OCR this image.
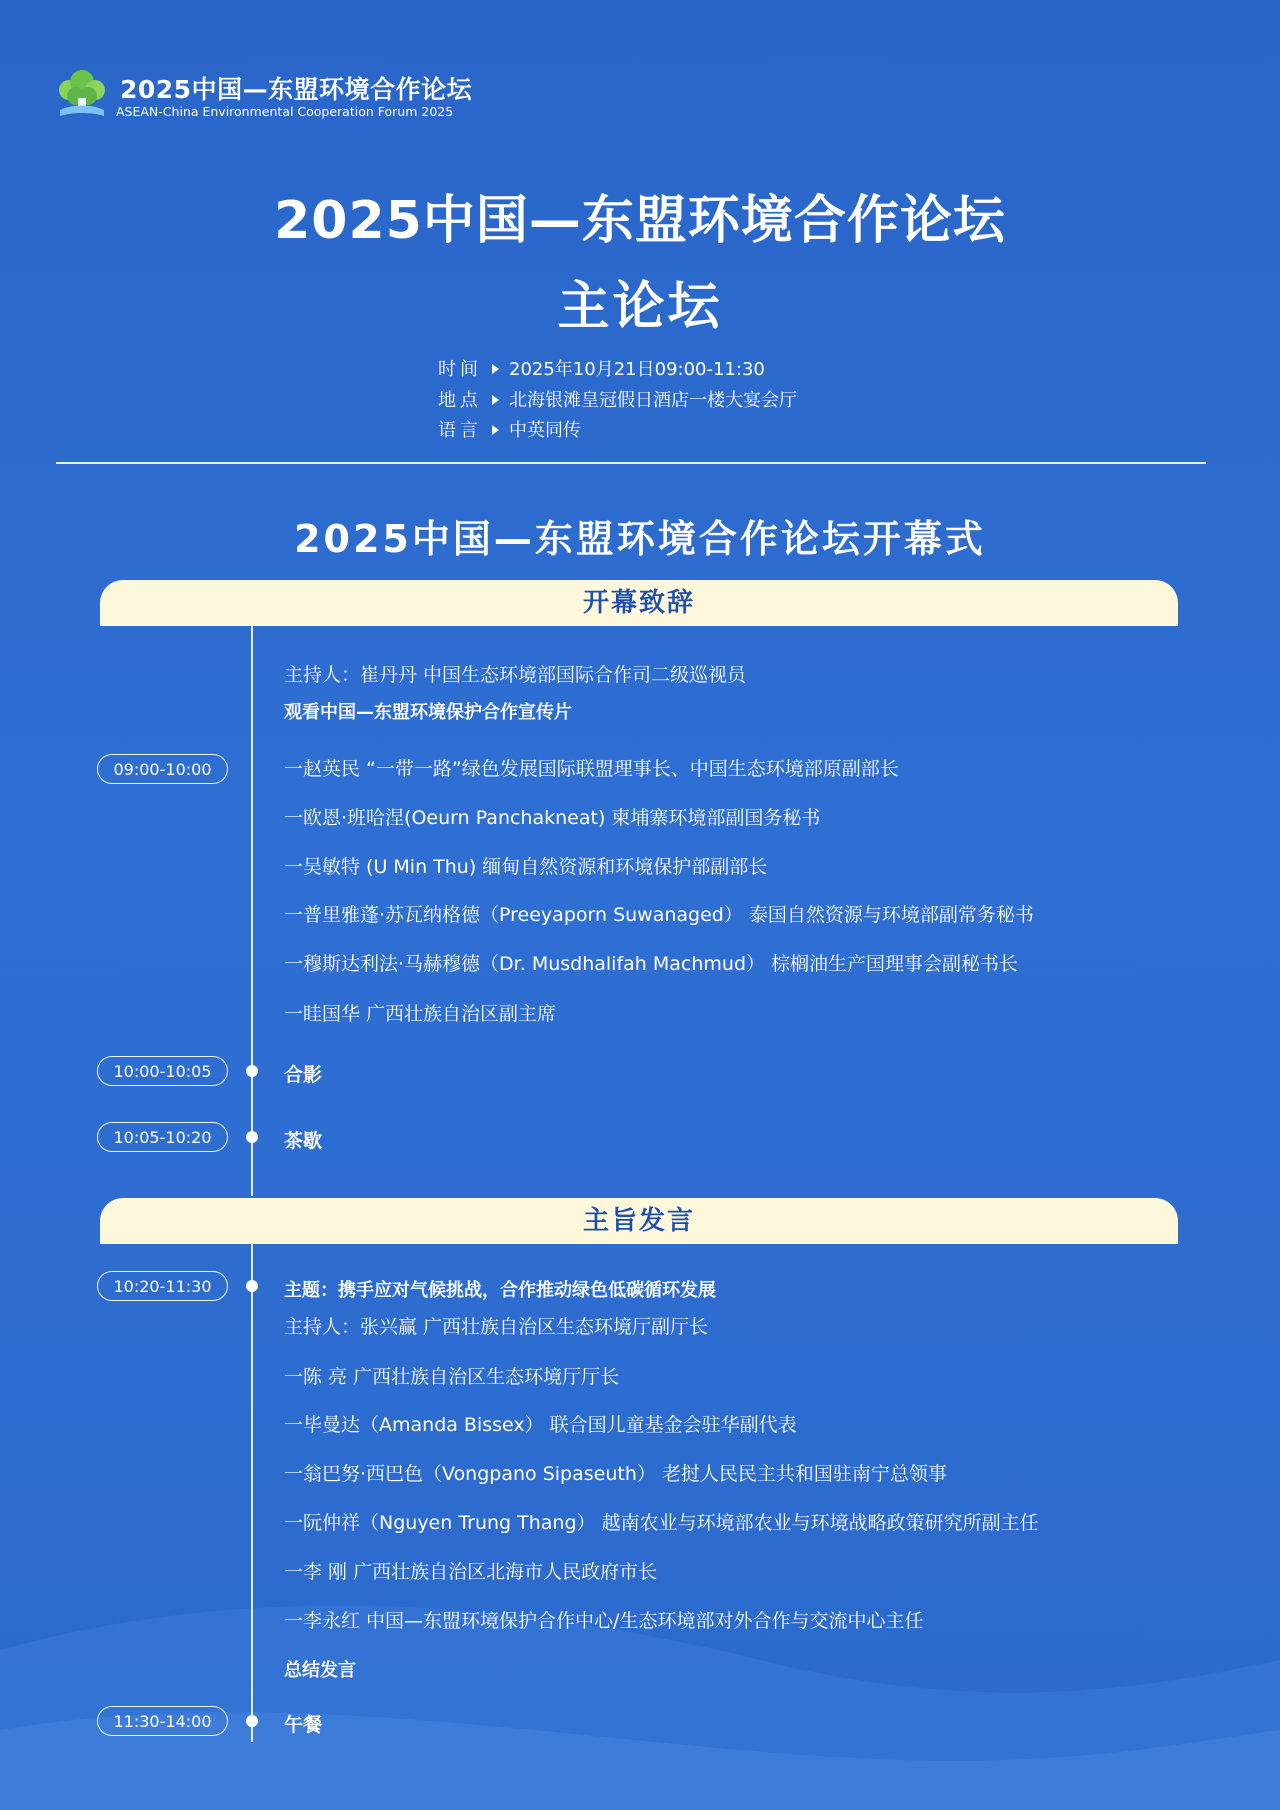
2025中国—东盟环境合作论坛
ASEAN-China Environmental Cooperation Forum 2025
2025中国—东盟环境合作论坛
主论坛
时间 2025年10月21日09:00-11:30
地点 北海银滩皇冠假日酒店一楼大宴会厅
语言 中英同传
2025中国—东盟环境合作论坛开幕式
开幕致辞
主持人：崔丹丹 中国生态环境部国际合作司二级巡视员
观看中国—东盟环境保护合作宣传片
09:00-10:00	一赵英民 “一带一路”绿色发展国际联盟理事长、中国生态环境部原副部长
一欧恩·班哈涅(Oeurn Panchakneat) 柬埔寨环境部副国务秘书
一吴敏特 (U Min Thu) 缅甸自然资源和环境保护部副部长
一普里雅蓬·苏瓦纳格德（Preeyaporn Suwanaged） 泰国自然资源与环境部副常务秘书
一穆斯达利法·马赫穆德（Dr. Musdhalifah Machmud） 棕榈油生产国理事会副秘书长
一眭国华 广西壮族自治区副主席
10:00-10:05	合影
10:05-10:20	茶歇
主旨发言
10:20-11:30	主题：携手应对气候挑战，合作推动绿色低碳循环发展
主持人：张兴赢 广西壮族自治区生态环境厅副厅长
一陈 亮 广西壮族自治区生态环境厅厅长
一毕曼达（Amanda Bissex） 联合国儿童基金会驻华副代表
一翁巴努·西巴色（Vongpano Sipaseuth） 老挝人民民主共和国驻南宁总领事
一阮仲祥（Nguyen Trung Thang） 越南农业与环境部农业与环境战略政策研究所副主任
一李 刚 广西壮族自治区北海市人民政府市长
一李永红 中国—东盟环境保护合作中心/生态环境部对外合作与交流中心主任
总结发言
11:30-14:00	午餐
